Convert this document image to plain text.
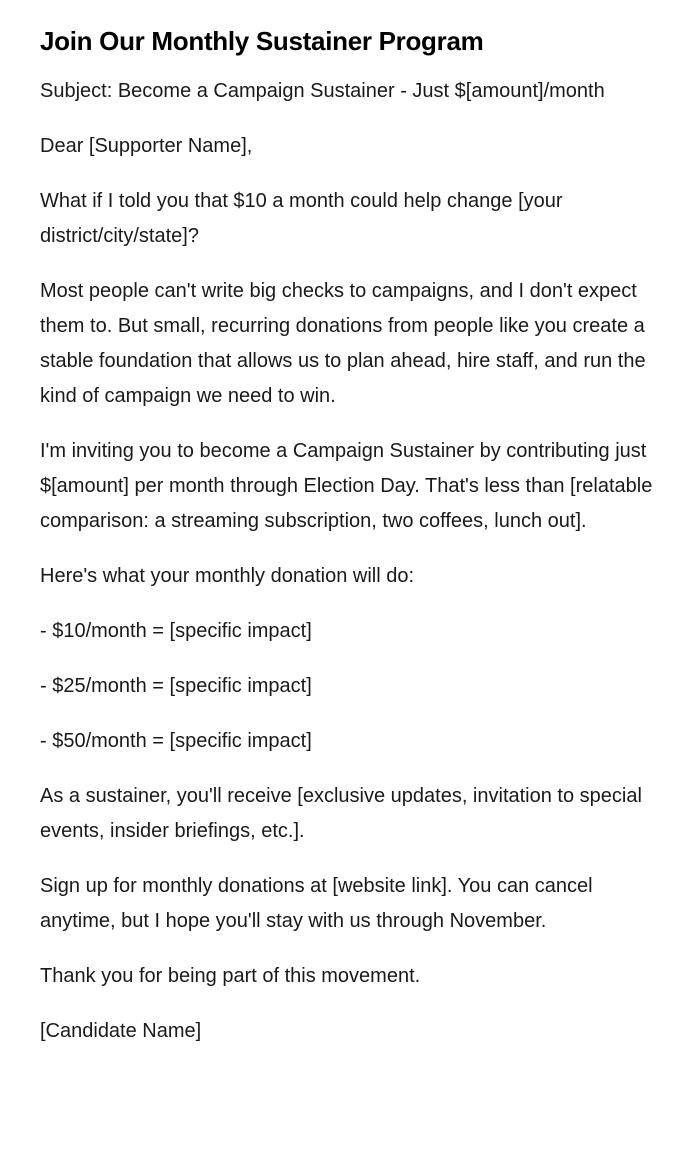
Join Our Monthly Sustainer Program

Subject: Become a Campaign Sustainer - Just $[amount]/month

Dear [Supporter Name],

What if I told you that $10 a month could help change [your district/city/state]?

Most people can't write big checks to campaigns, and I don't expect them to. But small, recurring donations from people like you create a stable foundation that allows us to plan ahead, hire staff, and run the kind of campaign we need to win.

I'm inviting you to become a Campaign Sustainer by contributing just $[amount] per month through Election Day. That's less than [relatable comparison: a streaming subscription, two coffees, lunch out].

Here's what your monthly donation will do:

- $10/month = [specific impact]

- $25/month = [specific impact]

- $50/month = [specific impact]

As a sustainer, you'll receive [exclusive updates, invitation to special events, insider briefings, etc.].

Sign up for monthly donations at [website link]. You can cancel anytime, but I hope you'll stay with us through November.

Thank you for being part of this movement.

[Candidate Name]
